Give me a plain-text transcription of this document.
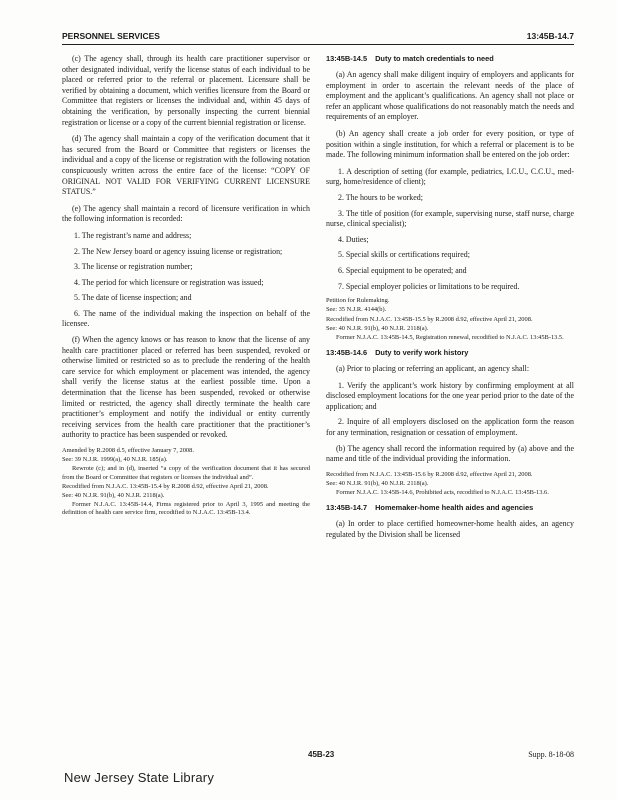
PERSONNEL SERVICES	13:45B-14.7

(c) The agency shall, through its health care practitioner supervisor or other designated individual, verify the license status of each individual to be placed or referred prior to the referral or placement. Licensure shall be verified by obtaining a document, which verifies licensure from the Board or Committee that registers or licenses the individual and, within 45 days of obtaining the verification, by personally inspecting the current biennial registration or license or a copy of the current biennial registration or license.

(d) The agency shall maintain a copy of the verification document that it has secured from the Board or Committee that registers or licenses the individual and a copy of the license or registration with the following notation conspicuously written across the entire face of the license: “COPY OF ORIGINAL NOT VALID FOR VERIFYING CURRENT LICENSURE STATUS.”

(e) The agency shall maintain a record of licensure verification in which the following information is recorded:

1. The registrant’s name and address;
2. The New Jersey board or agency issuing license or registration;
3. The license or registration number;
4. The period for which licensure or registration was issued;
5. The date of license inspection; and
6. The name of the individual making the inspection on behalf of the licensee.

(f) When the agency knows or has reason to know that the license of any health care practitioner placed or referred has been suspended, revoked or otherwise limited or restricted so as to preclude the rendering of the health care service for which employment or placement was intended, the agency shall verify the license status at the earliest possible time. Upon a determination that the license has been suspended, revoked or otherwise limited or restricted, the agency shall directly terminate the health care practitioner’s employment and notify the individual or entity currently receiving services from the health care practitioner that the practitioner’s authority to practice has been suspended or revoked.

Amended by R.2008 d.5, effective January 7, 2008.
See: 39 N.J.R. 1999(a), 40 N.J.R. 185(a).
Rewrote (c); and in (d), inserted “a copy of the verification document that it has secured from the Board or Committee that registers or licenses the individual and”.
Recodified from N.J.A.C. 13:45B-15.4 by R.2008 d.92, effective April 21, 2008.
See: 40 N.J.R. 91(b), 40 N.J.R. 2118(a).
Former N.J.A.C. 13:45B-14.4, Firms registered prior to April 3, 1995 and meeting the definition of health care service firm, recodified to N.J.A.C. 13:45B-13.4.
13:45B-14.5 Duty to match credentials to need

(a) An agency shall make diligent inquiry of employers and applicants for employment in order to ascertain the relevant needs of the place of employment and the applicant’s qualifications. An agency shall not place or refer an applicant whose qualifications do not reasonably match the needs and requirements of an employer.

(b) An agency shall create a job order for every position, or type of position within a single institution, for which a referral or placement is to be made. The following minimum information shall be entered on the job order:

1. A description of setting (for example, pediatrics, I.C.U., C.C.U., med-surg, home/residence of client);
2. The hours to be worked;
3. The title of position (for example, supervising nurse, staff nurse, charge nurse, clinical specialist);
4. Duties;
5. Special skills or certifications required;
6. Special equipment to be operated; and
7. Special employer policies or limitations to be required.
Petition for Rulemaking.
See: 35 N.J.R. 4144(b).
Recodified from N.J.A.C. 13:45B-15.5 by R.2008 d.92, effective April 21, 2008.
See: 40 N.J.R. 91(b), 40 N.J.R. 2118(a).
Former N.J.A.C. 13:45B-14.5, Registration renewal, recodified to N.J.A.C. 13:45B-13.5.
13:45B-14.6 Duty to verify work history

(a) Prior to placing or referring an applicant, an agency shall:

1. Verify the applicant’s work history by confirming employment at all disclosed employment locations for the one year period prior to the date of the application; and
2. Inquire of all employers disclosed on the application form the reason for any termination, resignation or cessation of employment.

(b) The agency shall record the information required by (a) above and the name and title of the individual providing the information.

Recodified from N.J.A.C. 13:45B-15.6 by R.2008 d.92, effective April 21, 2008.
See: 40 N.J.R. 91(b), 40 N.J.R. 2118(a).
Former N.J.A.C. 13:45B-14.6, Prohibited acts, recodified to N.J.A.C. 13:45B-13.6.
13:45B-14.7 Homemaker-home health aides and agencies

(a) In order to place certified homeowner-home health aides, an agency regulated by the Division shall be licensed

45B-23	Supp. 8-18-08
New Jersey State Library
